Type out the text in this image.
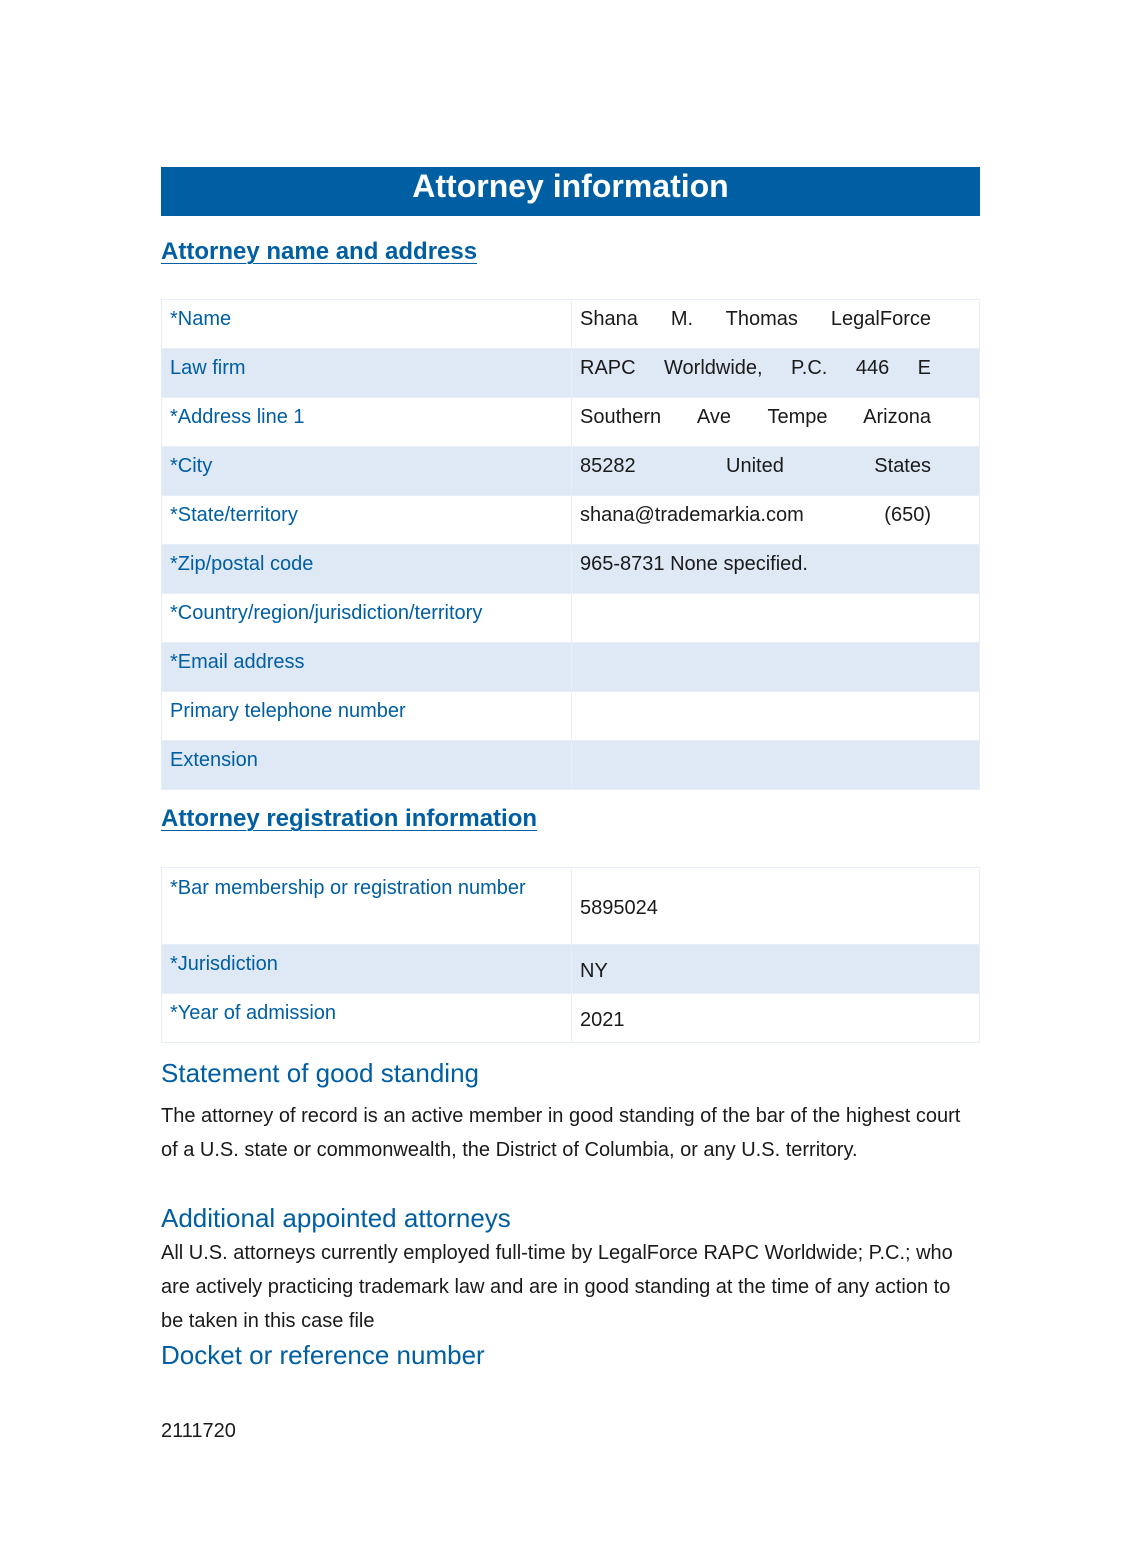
Attorney information
Attorney name and address
*Name	Shana M. Thomas LegalForce
Law firm	RAPC Worldwide, P.C. 446 E
*Address line 1	Southern Ave Tempe Arizona
*City	85282 United States
*State/territory	shana@trademarkia.com (650)
*Zip/postal code	965-8731 None specified.
*Country/region/jurisdiction/territory	
*Email address	
Primary telephone number	
Extension	
Attorney registration information
*Bar membership or registration number	5895024
*Jurisdiction	NY
*Year of admission	2021
Statement of good standing
The attorney of record is an active member in good standing of the bar of the highest court of a U.S. state or commonwealth, the District of Columbia, or any U.S. territory.
Additional appointed attorneys
All U.S. attorneys currently employed full-time by LegalForce RAPC Worldwide; P.C.; who are actively practicing trademark law and are in good standing at the time of any action to be taken in this case file
Docket or reference number
2111720
